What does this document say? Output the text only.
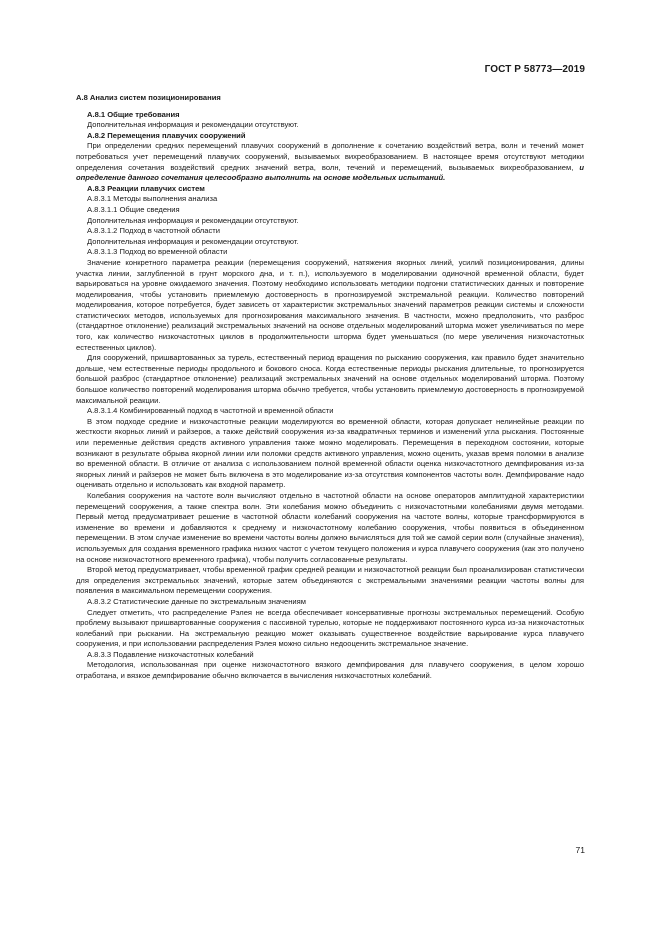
ГОСТ Р 58773—2019

А.8 Анализ систем позиционирования

А.8.1 Общие требования

Дополнительная информация и рекомендации отсутствуют.

А.8.2 Перемещения плавучих сооружений

При определении средних перемещений плавучих сооружений в дополнение к сочетанию воздействий ветра, волн и течений может потребоваться учет перемещений плавучих сооружений, вызываемых вихреобразованием. В настоящее время отсутствуют методики определения сочетания воздействий средних значений ветра, волн, течений и перемещений, вызываемых вихреобразованием, и определение данного сочетания целесообразно выполнить на основе модельных испытаний.

А.8.3 Реакции плавучих систем

А.8.3.1 Методы выполнения анализа

А.8.3.1.1 Общие сведения

Дополнительная информация и рекомендации отсутствуют.

А.8.3.1.2 Подход в частотной области

Дополнительная информация и рекомендации отсутствуют.

А.8.3.1.3 Подход во временной области

Значение конкретного параметра реакции (перемещения сооружений, натяжения якорных линий, усилий позиционирования, длины участка линии, заглубленной в грунт морского дна, и т. п.), используемого в моделировании одиночной временной области, будет варьироваться на уровне ожидаемого значения. Поэтому необходимо использовать методики подгонки статистических данных и повторение моделирования, чтобы установить приемлемую достоверность в прогнозируемой экстремальной реакции. Количество повторений моделирования, которое потребуется, будет зависеть от характеристик экстремальных значений параметров реакции системы и сложности статистических методов, используемых для прогнозирования максимального значения. В частности, можно предположить, что разброс (стандартное отклонение) реализаций экстремальных значений на основе отдельных моделирований шторма может увеличиваться по мере того, как количество низкочастотных циклов в продолжительности шторма будет уменьшаться (по мере увеличения низкочастотных естественных циклов).

Для сооружений, пришвартованных за турель, естественный период вращения по рысканию сооружения, как правило будет значительно дольше, чем естественные периоды продольного и бокового сноса. Когда естественные периоды рыскания длительные, то прогнозируется большой разброс (стандартное отклонение) реализаций экстремальных значений на основе отдельных моделирований шторма. Поэтому большое количество повторений моделирования шторма обычно требуется, чтобы установить приемлемую достоверность в прогнозируемой максимальной реакции.

А.8.3.1.4 Комбинированный подход в частотной и временной области

В этом подходе средние и низкочастотные реакции моделируются во временной области, которая допускает нелинейные реакции по жесткости якорных линий и райзеров, а также действий сооружения из-за квадратичных терминов и изменений угла рыскания. Постоянные или переменные действия средств активного управления также можно моделировать. Перемещения в переходном состоянии, которые возникают в результате обрыва якорной линии или поломки средств активного управления, можно оценить, указав время поломки в анализе во временной области. В отличие от анализа с использованием полной временной области оценка низкочастотного демпфирования из-за якорных линий и райзеров не может быть включена в это моделирование из-за отсутствия компонентов частоты волн. Демпфирование надо оценивать отдельно и использовать как входной параметр.

Колебания сооружения на частоте волн вычисляют отдельно в частотной области на основе операторов амплитудной характеристики перемещений сооружения, а также спектра волн. Эти колебания можно объединить с низкочастотными колебаниями двумя методами. Первый метод предусматривает решение в частотной области колебаний сооружения на частоте волны, которые трансформируются в изменение во времени и добавляются к среднему и низкочастотному колебанию сооружения, чтобы появиться в объединенном перемещении. В этом случае изменение во времени частоты волны должно вычисляться для той же самой серии волн (случайные значения), используемых для создания временного графика низких частот с учетом текущего положения и курса плавучего сооружения (как это получено на основе низкочастотного временного графика), чтобы получить согласованные результаты.

Второй метод предусматривает, чтобы временной график средней реакции и низкочастотной реакции был проанализирован статистически для определения экстремальных значений, которые затем объединяются с экстремальными значениями реакции частоты волны для появления в максимальном перемещении сооружения.

А.8.3.2 Статистические данные по экстремальным значениям

Следует отметить, что распределение Рэлея не всегда обеспечивает консервативные прогнозы экстремальных перемещений. Особую проблему вызывают пришвартованные сооружения с пассивной турелью, которые не поддерживают постоянного курса из-за низкочастотных колебаний при рыскании. На экстремальную реакцию может оказывать существенное воздействие варьирование курса плавучего сооружения, и при использовании распределения Рэлея можно сильно недооценить экстремальное значение.

А.8.3.3 Подавление низкочастотных колебаний

Методология, использованная при оценке низкочастотного вязкого демпфирования для плавучего сооружения, в целом хорошо отработана, и вязкое демпфирование обычно включается в вычисления низкочастотных колебаний.

71
